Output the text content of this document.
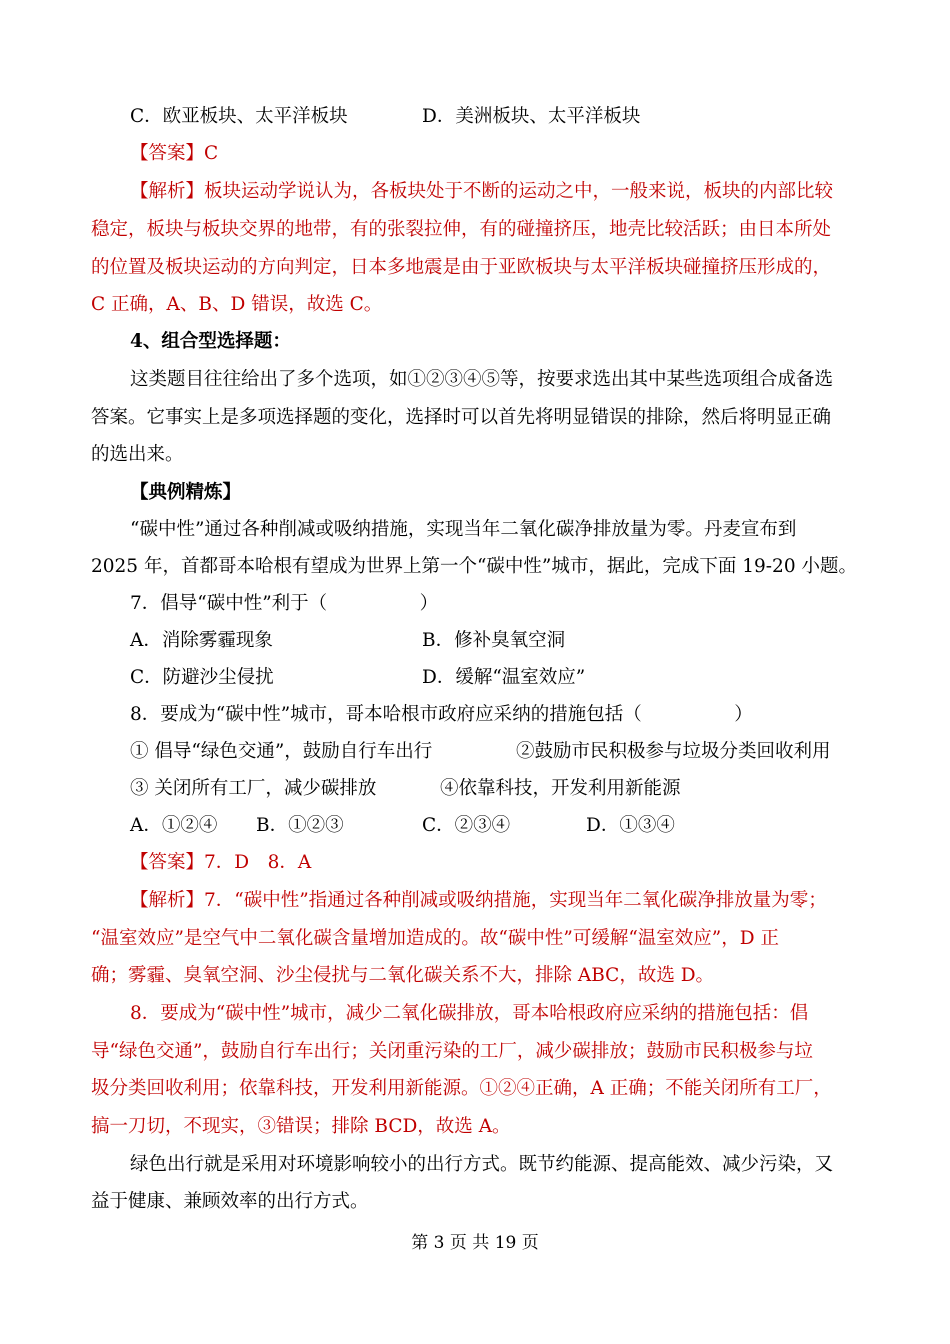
C．欧亚板块、太平洋板块	D．美洲板块、太平洋板块
【答案】C
【解析】板块运动学说认为，各板块处于不断的运动之中，一般来说，板块的内部比较
稳定，板块与板块交界的地带，有的张裂拉伸，有的碰撞挤压，地壳比较活跃；由日本所处
的位置及板块运动的方向判定，日本多地震是由于亚欧板块与太平洋板块碰撞挤压形成的，
C 正确，A、B、D 错误，故选 C。
4、组合型选择题：
这类题目往往给出了多个选项，如①②③④⑤等，按要求选出其中某些选项组合成备选
答案。它事实上是多项选择题的变化，选择时可以首先将明显错误的排除，然后将明显正确
的选出来。
【典例精炼】
“碳中性”通过各种削减或吸纳措施，实现当年二氧化碳净排放量为零。丹麦宣布到
2025 年，首都哥本哈根有望成为世界上第一个“碳中性”城市，据此，完成下面 19-20 小题。
7．倡导“碳中性”利于（　　　　　）
A．消除雾霾现象	B．修补臭氧空洞
C．防避沙尘侵扰	D．缓解“温室效应”
8．要成为“碳中性”城市，哥本哈根市政府应采纳的措施包括（　　　　　）
① 倡导“绿色交通”，鼓励自行车出行	②鼓励市民积极参与垃圾分类回收利用
③ 关闭所有工厂，减少碳排放	④依靠科技，开发利用新能源
A．①②④ B．①②③	C．②③④	D．①③④
【答案】7．D　8．A
【解析】7．“碳中性”指通过各种削减或吸纳措施，实现当年二氧化碳净排放量为零；
“温室效应”是空气中二氧化碳含量增加造成的。故“碳中性”可缓解“温室效应”，D 正
确；雾霾、臭氧空洞、沙尘侵扰与二氧化碳关系不大，排除 ABC，故选 D。
8．要成为“碳中性”城市，减少二氧化碳排放，哥本哈根政府应采纳的措施包括：倡
导“绿色交通”，鼓励自行车出行；关闭重污染的工厂，减少碳排放；鼓励市民积极参与垃
圾分类回收利用；依靠科技，开发利用新能源。①②④正确，A 正确；不能关闭所有工厂，
搞一刀切，不现实，③错误；排除 BCD，故选 A。
绿色出行就是采用对环境影响较小的出行方式。既节约能源、提高能效、减少污染，又
益于健康、兼顾效率的出行方式。
第 3 页 共 19 页
